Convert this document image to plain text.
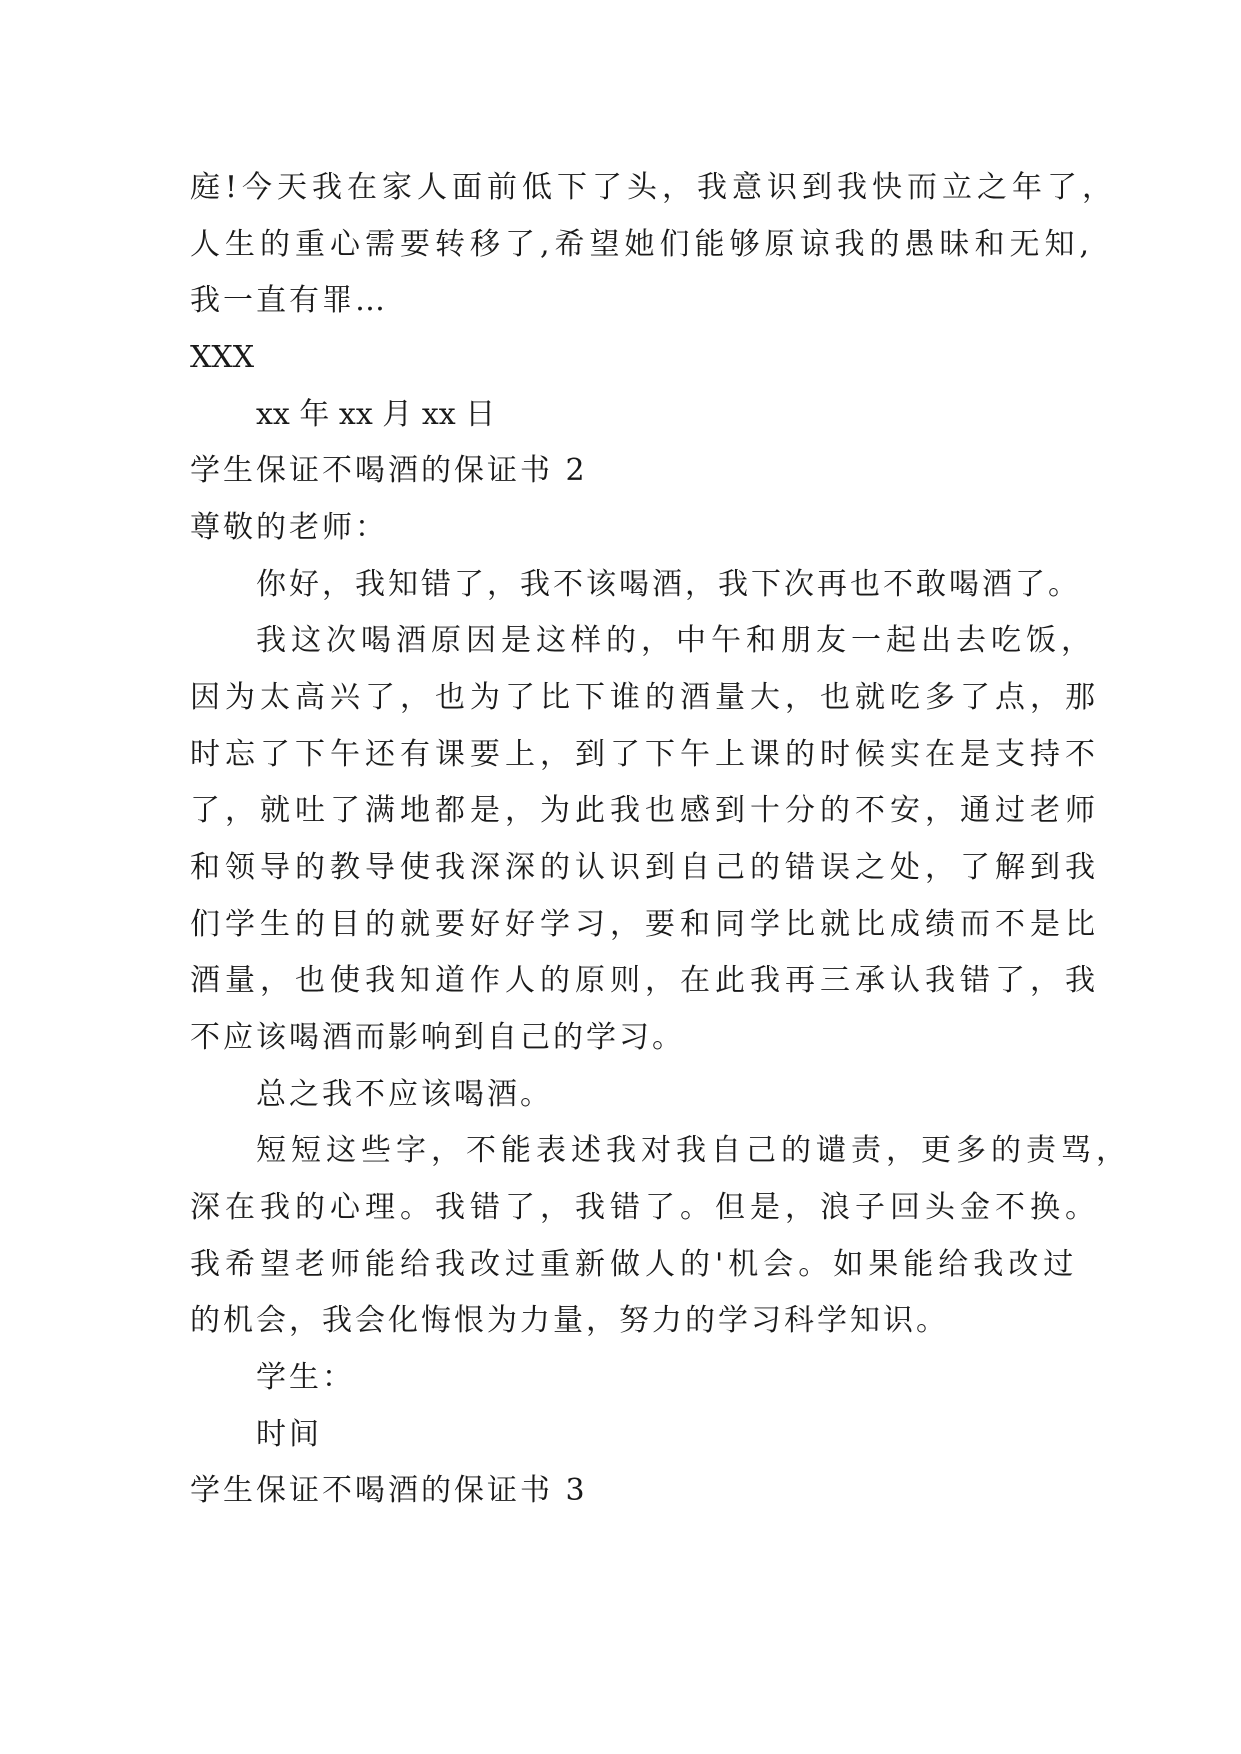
庭!今天我在家人面前低下了头，我意识到我快而立之年了，
人生的重心需要转移了,希望她们能够原谅我的愚昧和无知,
我一直有罪…
XXX
xx 年 xx 月 xx 日
学生保证不喝酒的保证书 2
尊敬的老师：
你好，我知错了，我不该喝酒，我下次再也不敢喝酒了。
我这次喝酒原因是这样的，中午和朋友一起出去吃饭，
因为太高兴了，也为了比下谁的酒量大，也就吃多了点，那
时忘了下午还有课要上，到了下午上课的时候实在是支持不
了，就吐了满地都是，为此我也感到十分的不安，通过老师
和领导的教导使我深深的认识到自己的错误之处，了解到我
们学生的目的就要好好学习，要和同学比就比成绩而不是比
酒量，也使我知道作人的原则，在此我再三承认我错了，我
不应该喝酒而影响到自己的学习。
总之我不应该喝酒。
短短这些字，不能表述我对我自己的谴责，更多的责骂，
深在我的心理。我错了，我错了。但是，浪子回头金不换。
我希望老师能给我改过重新做人的'机会。如果能给我改过
的机会，我会化悔恨为力量，努力的学习科学知识。
学生：
时间
学生保证不喝酒的保证书 3
